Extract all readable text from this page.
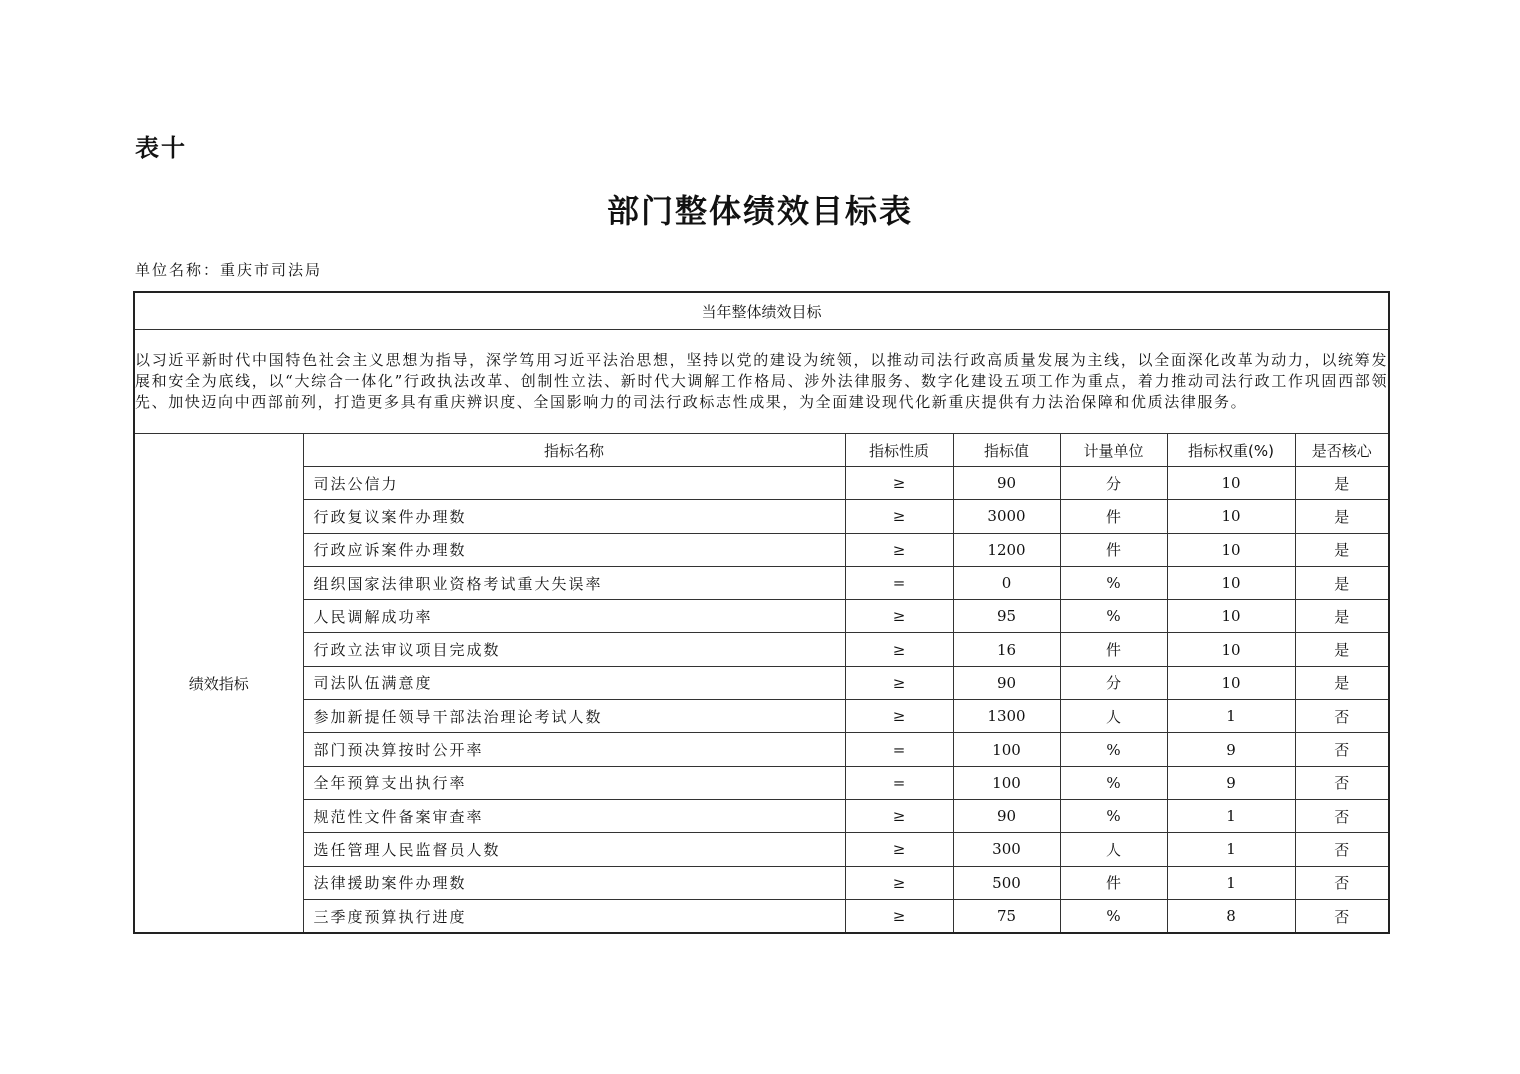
表十
部门整体绩效目标表
单位名称：重庆市司法局
当年整体绩效目标						
以习近平新时代中国特色社会主义思想为指导，深学笃用习近平法治思想，坚持以党的建设为统领，以推动司法行政高质量发展为主线，以全面深化改革为动力，以统筹发展和安全为底线，以“大综合一体化”行政执法改革、创制性立法、新时代大调解工作格局、涉外法律服务、数字化建设五项工作为重点，着力推动司法行政工作巩固西部领先、加快迈向中西部前列，打造更多具有重庆辨识度、全国影响力的司法行政标志性成果，为全面建设现代化新重庆提供有力法治保障和优质法律服务。						
绩效指标	指标名称	指标性质	指标值	计量单位	指标权重(%)	是否核心
	司法公信力	≥	90	分	10	是
	行政复议案件办理数	≥	3000	件	10	是
	行政应诉案件办理数	≥	1200	件	10	是
	组织国家法律职业资格考试重大失误率	=	0	%	10	是
	人民调解成功率	≥	95	%	10	是
	行政立法审议项目完成数	≥	16	件	10	是
	司法队伍满意度	≥	90	分	10	是
	参加新提任领导干部法治理论考试人数	≥	1300	人	1	否
	部门预决算按时公开率	=	100	%	9	否
	全年预算支出执行率	=	100	%	9	否
	规范性文件备案审查率	≥	90	%	1	否
	选任管理人民监督员人数	≥	300	人	1	否
	法律援助案件办理数	≥	500	件	1	否
	三季度预算执行进度	≥	75	%	8	否
